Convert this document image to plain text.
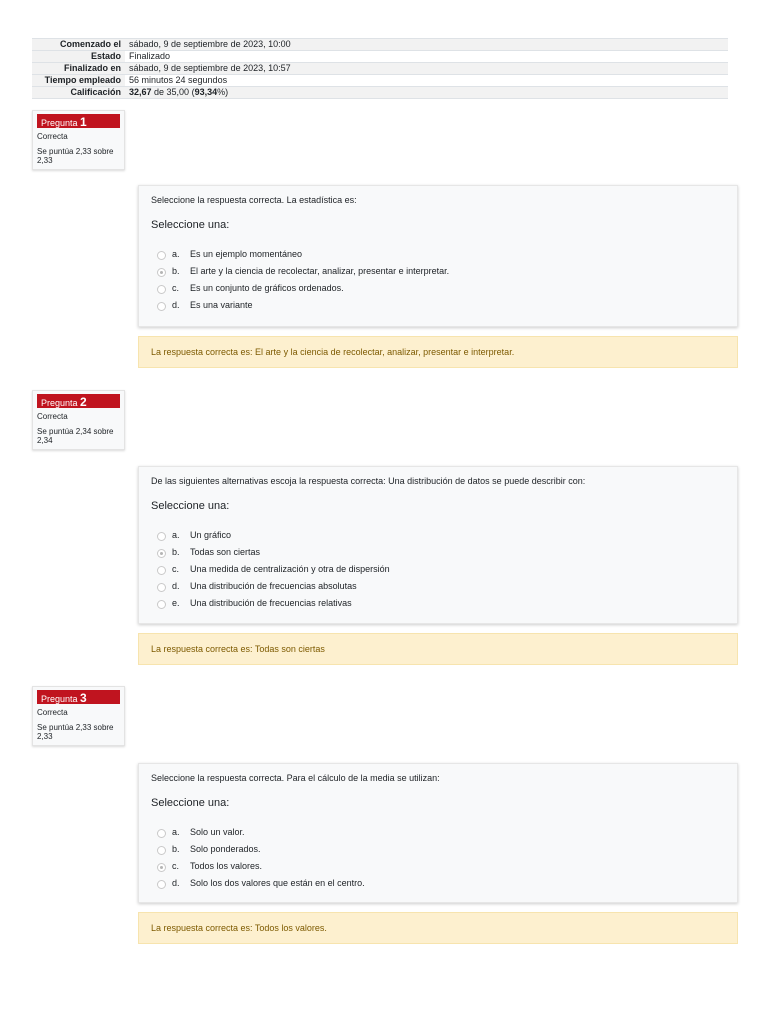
Comenzado el	sábado, 9 de septiembre de 2023, 10:00
Estado	Finalizado
Finalizado en	sábado, 9 de septiembre de 2023, 10:57
Tiempo empleado	56 minutos 24 segundos
Calificación	32,67 de 35,00 (93,34%)
Pregunta 1
Correcta
Se puntúa 2,33 sobre 2,33
Seleccione la respuesta correcta. La estadística es:
Seleccione una:
a.	Es un ejemplo momentáneo
b.	El arte y la ciencia de recolectar, analizar, presentar e interpretar.
c.	Es un conjunto de gráficos ordenados.
d.	Es una variante
La respuesta correcta es: El arte y la ciencia de recolectar, analizar, presentar e interpretar.
Pregunta 2
Correcta
Se puntúa 2,34 sobre 2,34
De las siguientes alternativas escoja la respuesta correcta: Una distribución de datos se puede describir con:
Seleccione una:
a.	Un gráfico
b.	Todas son ciertas
c.	Una medida de centralización y otra de dispersión
d.	Una distribución de frecuencias absolutas
e.	Una distribución de frecuencias relativas
La respuesta correcta es: Todas son ciertas
Pregunta 3
Correcta
Se puntúa 2,33 sobre 2,33
Seleccione la respuesta correcta. Para el cálculo de la media se utilizan:
Seleccione una:
a.	Solo un valor.
b.	Solo ponderados.
c.	Todos los valores.
d.	Solo los dos valores que están en el centro.
La respuesta correcta es: Todos los valores.
